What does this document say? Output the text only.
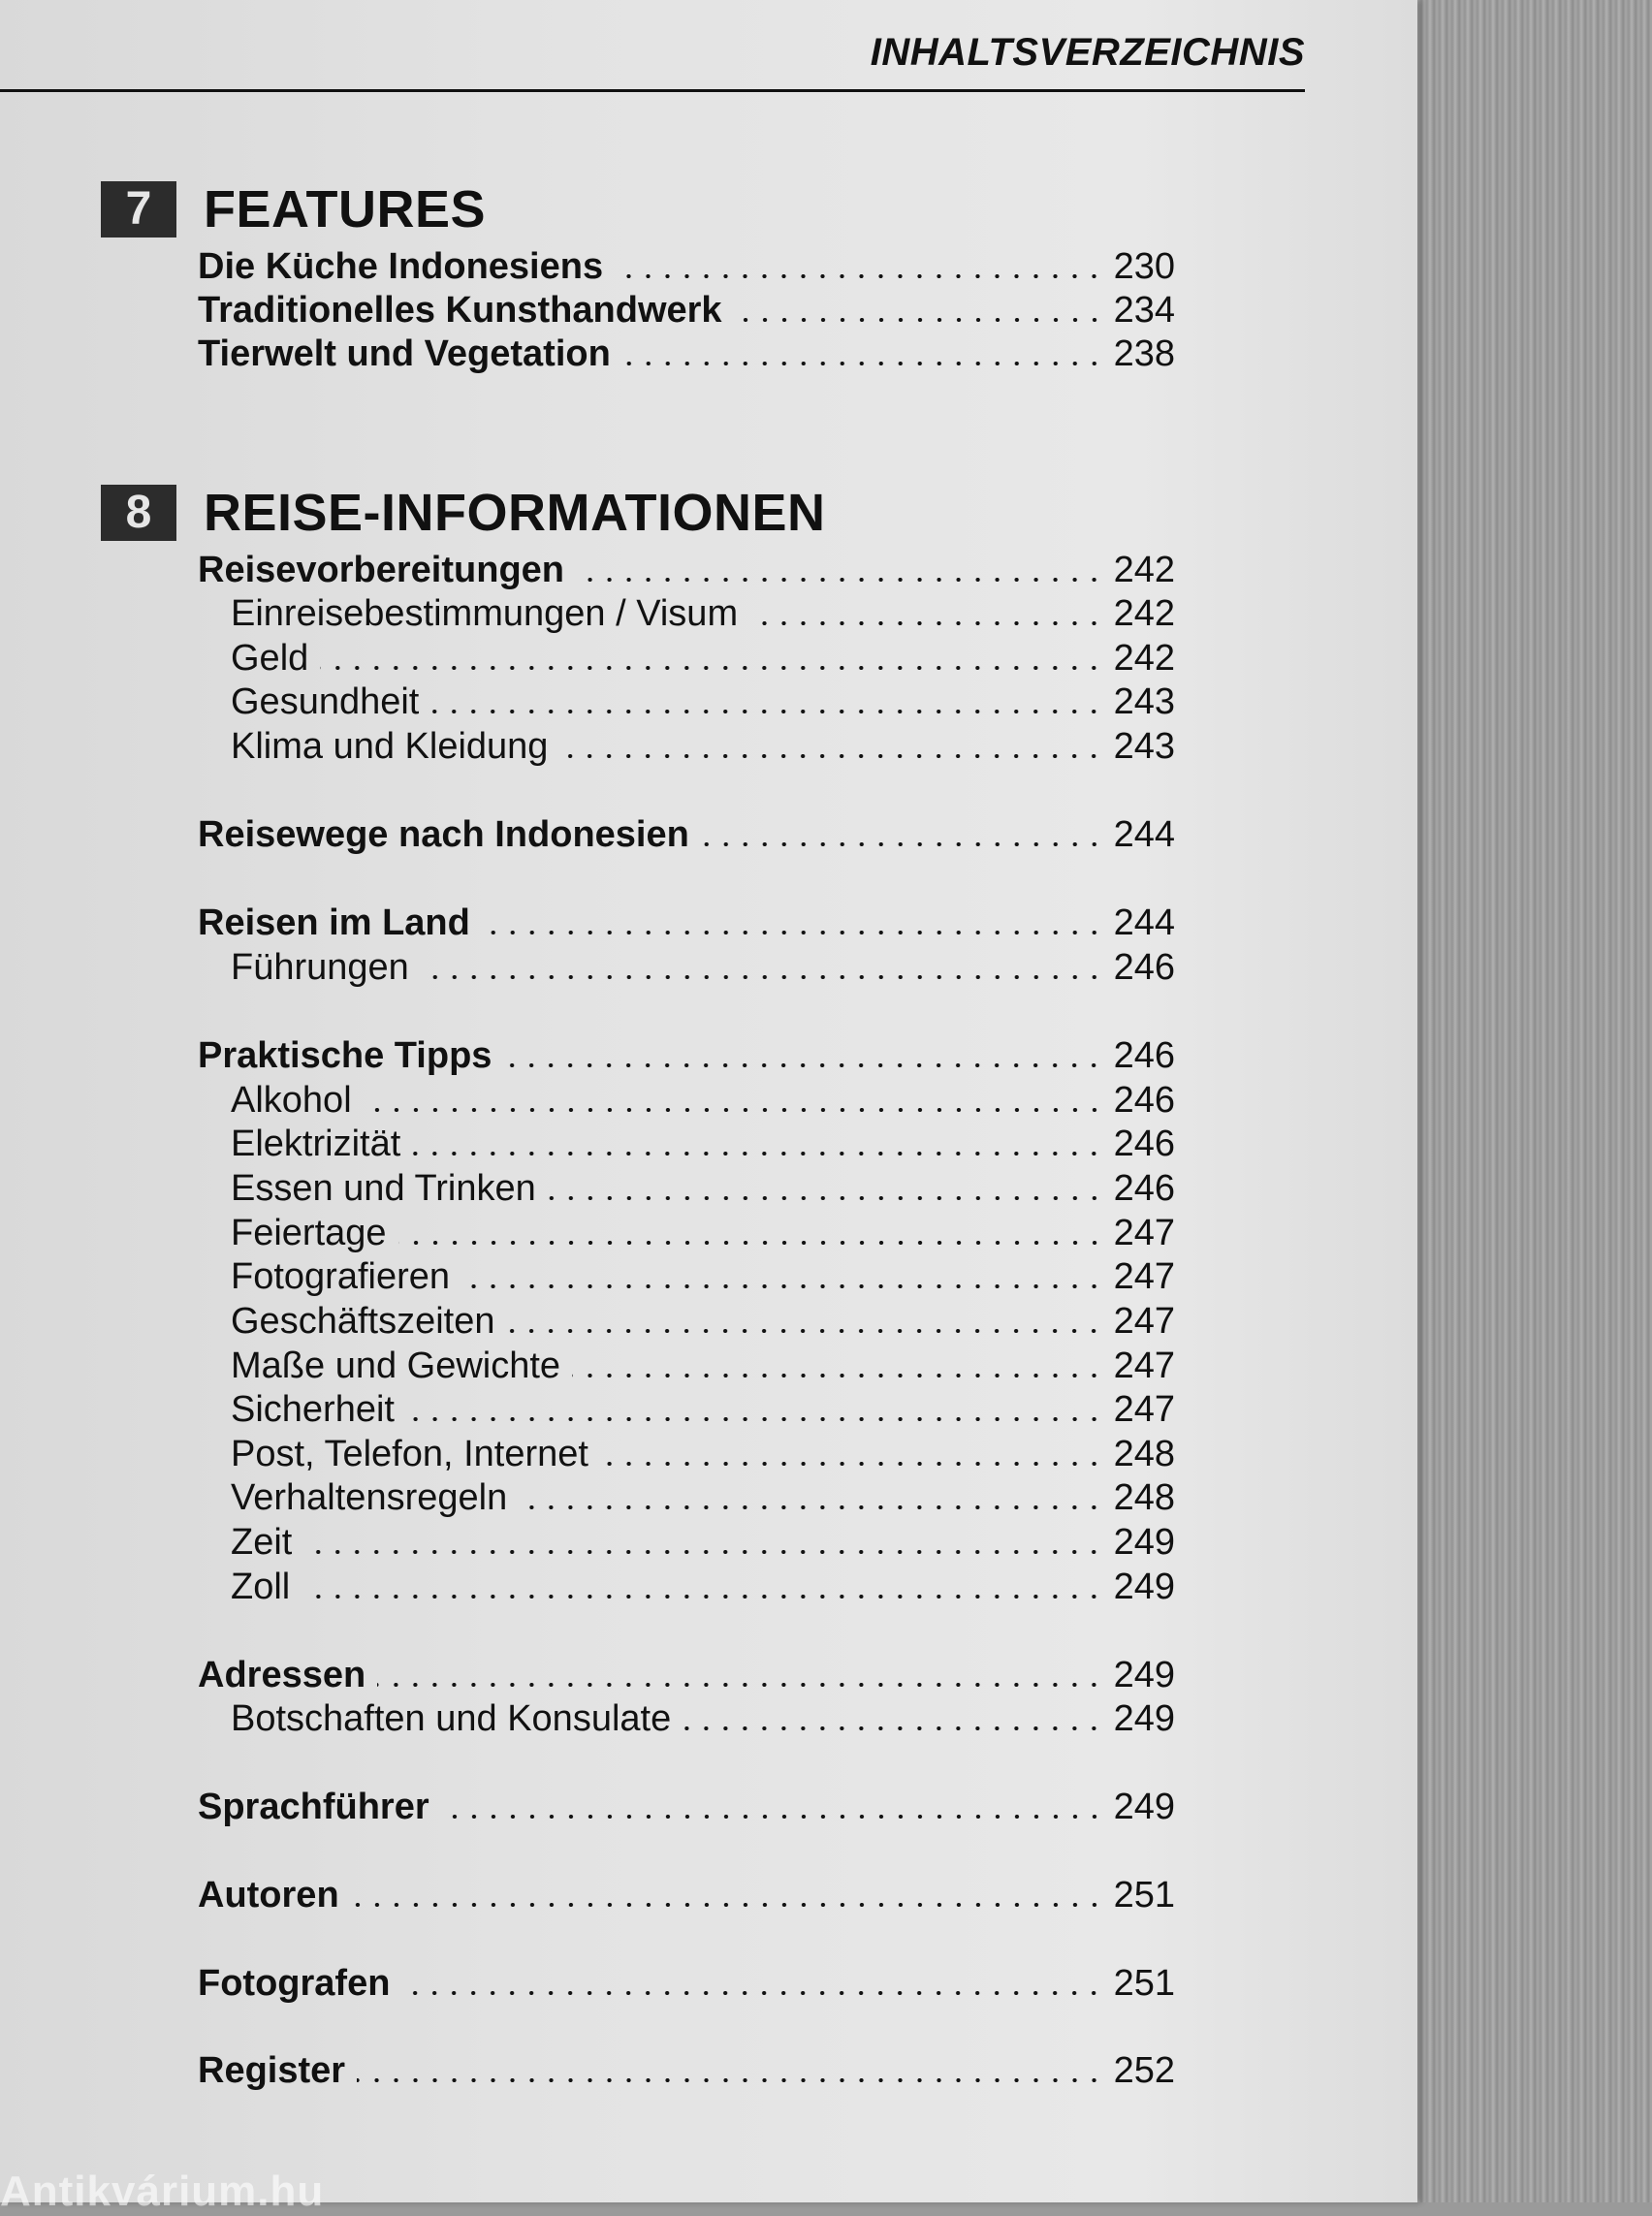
INHALTSVERZEICHNIS
7 FEATURES
8 REISE-INFORMATIONEN
Die Küche Indonesiens	230
Traditionelles Kunsthandwerk	234
Tierwelt und Vegetation	238
Reisevorbereitungen	242
Einreisebestimmungen / Visum	242
Geld	242
Gesundheit	243
Klima und Kleidung	243
Reisewege nach Indonesien	244
Reisen im Land	244
Führungen	246
Praktische Tipps	246
Alkohol	246
Elektrizität	246
Essen und Trinken	246
Feiertage	247
Fotografieren	247
Geschäftszeiten	247
Maße und Gewichte	247
Sicherheit	247
Post, Telefon, Internet	248
Verhaltensregeln	248
Zeit	249
Zoll	249
Adressen	249
Botschaften und Konsulate	249
Sprachführer	249
Autoren	251
Fotografen	251
Register	252
Antikvárium.hu
